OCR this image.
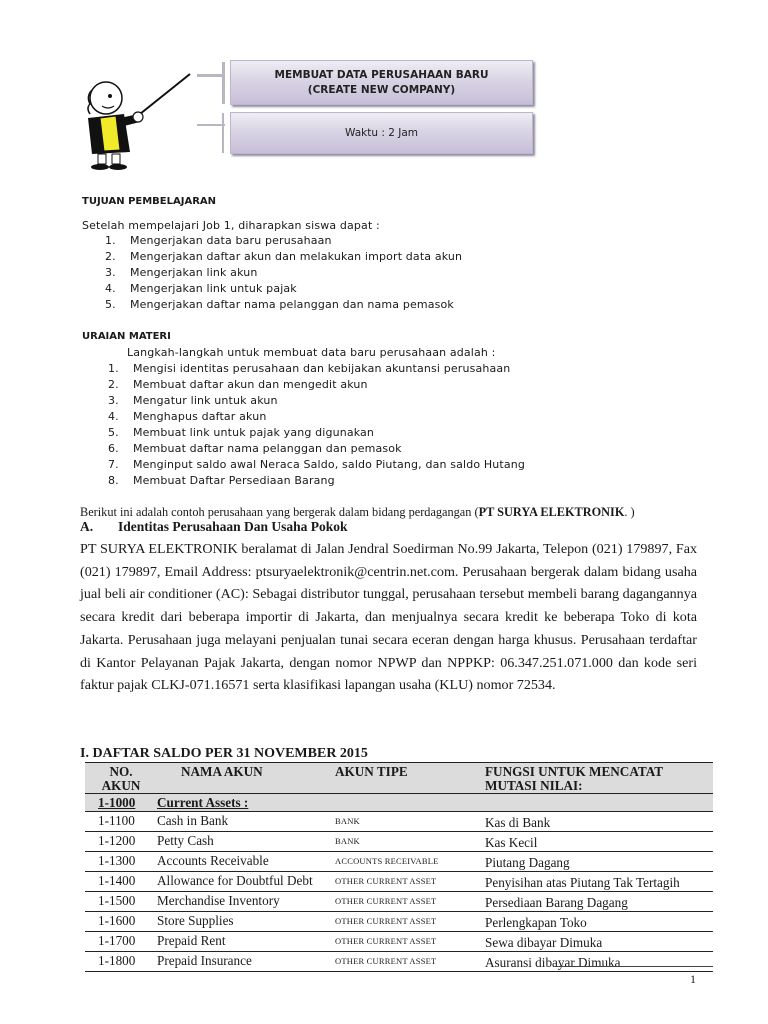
MEMBUAT DATA PERUSAHAAN BARU
(CREATE NEW COMPANY)
Waktu : 2 Jam
TUJUAN PEMBELAJARAN
Setelah mempelajari Job 1, diharapkan siswa dapat :
1. Mengerjakan data baru perusahaan
2. Mengerjakan daftar akun dan melakukan import data akun
3. Mengerjakan link akun
4. Mengerjakan link untuk pajak
5. Mengerjakan daftar nama pelanggan dan nama pemasok
URAIAN MATERI
Langkah-langkah untuk membuat data baru perusahaan adalah :
1. Mengisi identitas perusahaan dan kebijakan akuntansi perusahaan
2. Membuat daftar akun dan mengedit akun
3. Mengatur link untuk akun
4. Menghapus daftar akun
5. Membuat link untuk pajak yang digunakan
6. Membuat daftar nama pelanggan dan pemasok
7. Menginput saldo awal Neraca Saldo, saldo Piutang, dan saldo Hutang
8. Membuat Daftar Persediaan Barang
Berikut ini adalah contoh perusahaan yang bergerak dalam bidang perdagangan (PT SURYA ELEKTRONIK. )
A. Identitas Perusahaan Dan Usaha Pokok

PT SURYA ELEKTRONIK beralamat di Jalan Jendral Soedirman No.99 Jakarta, Telepon (021) 179897, Fax (021) 179897, Email Address: ptsuryaelektronik@centrin.net.com. Perusahaan bergerak dalam bidang usaha jual beli air conditioner (AC): Sebagai distributor tunggal, perusahaan tersebut membeli barang dagangannya secara kredit dari beberapa importir di Jakarta, dan menjualnya secara kredit ke beberapa Toko di kota Jakarta. Perusahaan juga melayani penjualan tunai secara eceran dengan harga khusus. Perusahaan terdaftar di Kantor Pelayanan Pajak Jakarta, dengan nomor NPWP dan NPPKP: 06.347.251.071.000 dan kode seri faktur pajak CLKJ-071.16571 serta klasifikasi lapangan usaha (KLU) nomor 72534.

I. DAFTAR SALDO PER 31 NOVEMBER 2015
NO.
AKUN
	NAMA AKUN	AKUN TIPE	FUNGSI UNTUK MENCATAT
MUTASI NILAI:

1-1000	Current Assets :		
1-1100	Cash in Bank	BANK	Kas di Bank
1-1200	Petty Cash	BANK	Kas Kecil
1-1300	Accounts Receivable	ACCOUNTS RECEIVABLE	Piutang Dagang
1-1400	Allowance for Doubtful Debt	OTHER CURRENT ASSET	Penyisihan atas Piutang Tak Tertagih
1-1500	Merchandise Inventory	OTHER CURRENT ASSET	Persediaan Barang Dagang
1-1600	Store Supplies	OTHER CURRENT ASSET	Perlengkapan Toko
1-1700	Prepaid Rent	OTHER CURRENT ASSET	Sewa dibayar Dimuka
1-1800	Prepaid Insurance	OTHER CURRENT ASSET	Asuransi dibayar Dimuka
1
